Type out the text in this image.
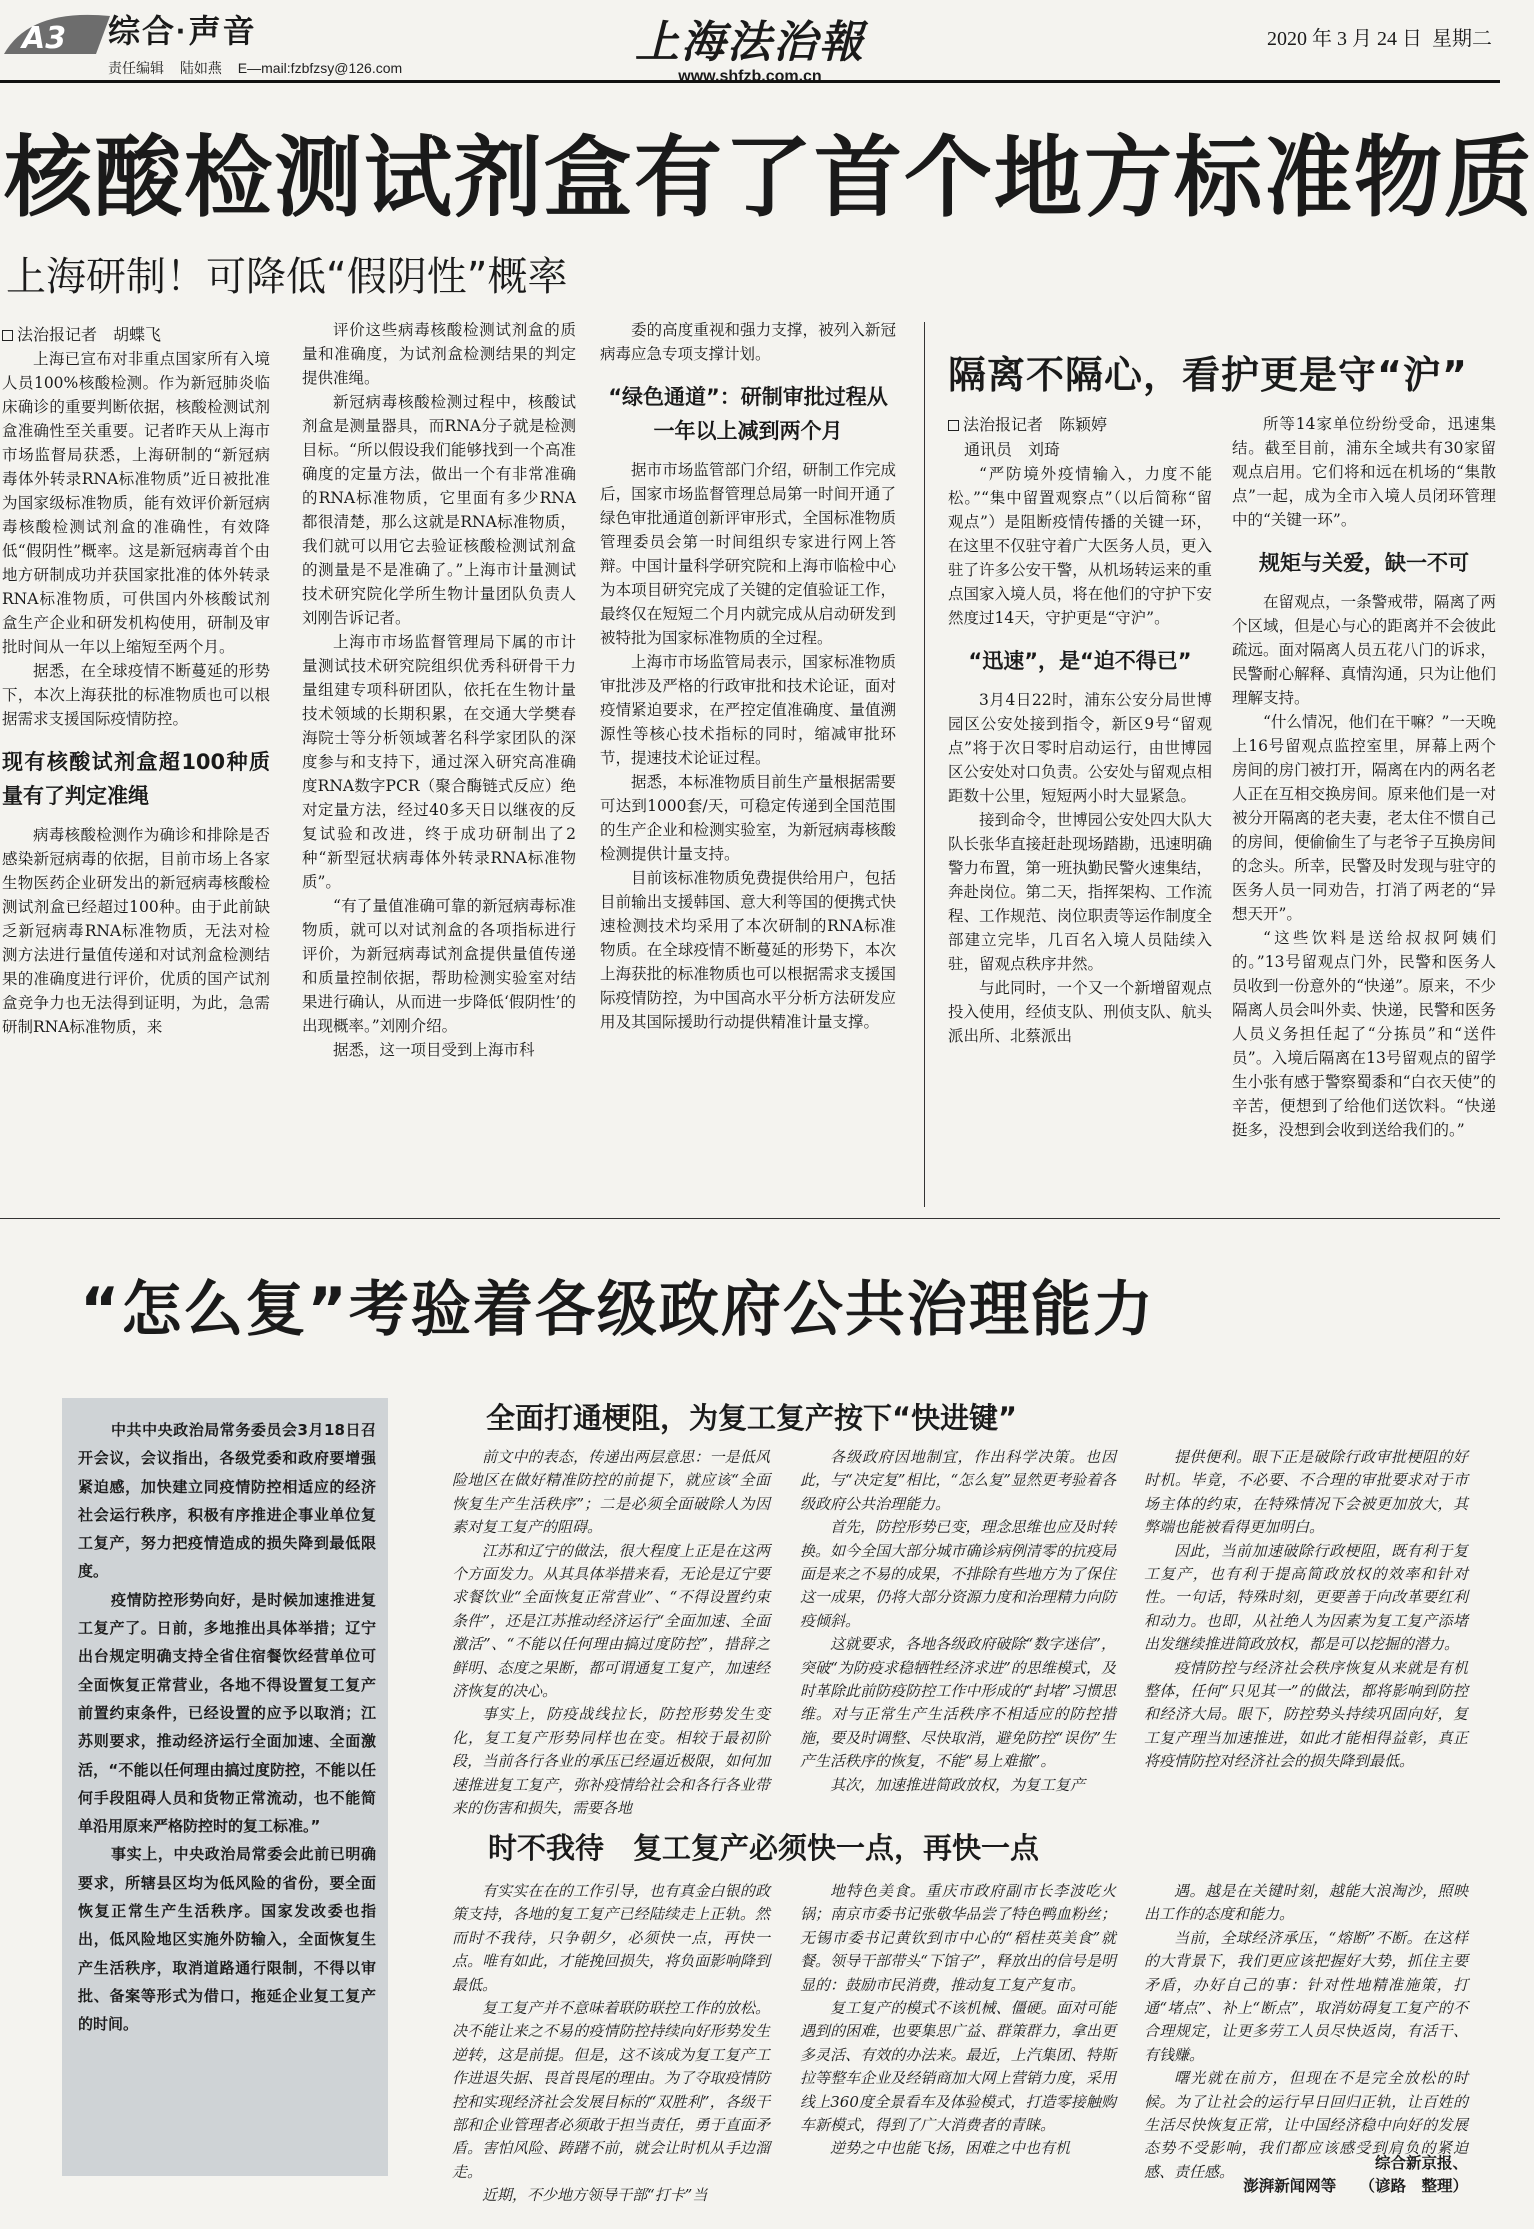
A3 综合·声音
责任编辑 陆如燕 E—mail:fzbfzsy@126.com	上海法治報
www.shfzb.com.cn
2020 年 3 月 24 日 星期二
核酸检测试剂盒有了首个地方标准物质
上海研制！可降低“假阴性”概率
法治报记者　胡蝶飞

上海已宣布对非重点国家所有入境人员100%核酸检测。作为新冠肺炎临床确诊的重要判断依据，核酸检测试剂盒准确性至关重要。记者昨天从上海市市场监督局获悉，上海研制的“新冠病毒体外转录RNA标准物质”近日被批准为国家级标准物质，能有效评价新冠病毒核酸检测试剂盒的准确性，有效降低“假阴性”概率。这是新冠病毒首个由地方研制成功并获国家批准的体外转录RNA标准物质，可供国内外核酸试剂盒生产企业和研发机构使用，研制及审批时间从一年以上缩短至两个月。

据悉，在全球疫情不断蔓延的形势下，本次上海获批的标准物质也可以根据需求支援国际疫情防控。

现有核酸试剂盒超100种质量有了判定准绳

病毒核酸检测作为确诊和排除是否感染新冠病毒的依据，目前市场上各家生物医药企业研发出的新冠病毒核酸检测试剂盒已经超过100种。由于此前缺乏新冠病毒RNA标准物质，无法对检测方法进行量值传递和对试剂盒检测结果的准确度进行评价，优质的国产试剂盒竞争力也无法得到证明，为此，急需研制RNA标准物质，来

评价这些病毒核酸检测试剂盒的质量和准确度，为试剂盒检测结果的判定提供准绳。

新冠病毒核酸检测过程中，核酸试剂盒是测量器具，而RNA分子就是检测目标。“所以假设我们能够找到一个高准确度的定量方法，做出一个有非常准确的RNA标准物质，它里面有多少RNA都很清楚，那么这就是RNA标准物质，我们就可以用它去验证核酸检测试剂盒的测量是不是准确了。”上海市计量测试技术研究院化学所生物计量团队负责人刘刚告诉记者。

上海市市场监督管理局下属的市计量测试技术研究院组织优秀科研骨干力量组建专项科研团队，依托在生物计量技术领域的长期积累，在交通大学樊春海院士等分析领域著名科学家团队的深度参与和支持下，通过深入研究高准确度RNA数字PCR（聚合酶链式反应）绝对定量方法，经过40多天日以继夜的反复试验和改进，终于成功研制出了2种“新型冠状病毒体外转录RNA标准物质”。

“有了量值准确可靠的新冠病毒标准物质，就可以对试剂盒的各项指标进行评价，为新冠病毒试剂盒提供量值传递和质量控制依据，帮助检测实验室对结果进行确认，从而进一步降低‘假阴性’的出现概率。”刘刚介绍。

据悉，这一项目受到上海市科

委的高度重视和强力支撑，被列入新冠病毒应急专项支撑计划。

“绿色通道”：研制审批过程从一年以上减到两个月

据市市场监管部门介绍，研制工作完成后，国家市场监督管理总局第一时间开通了绿色审批通道创新评审形式，全国标准物质管理委员会第一时间组织专家进行网上答辩。中国计量科学研究院和上海市临检中心为本项目研究完成了关键的定值验证工作，最终仅在短短二个月内就完成从启动研发到被特批为国家标准物质的全过程。

上海市市场监管局表示，国家标准物质审批涉及严格的行政审批和技术论证，面对疫情紧迫要求，在严控定值准确度、量值溯源性等核心技术指标的同时，缩减审批环节，提速技术论证过程。

据悉，本标准物质目前生产量根据需要可达到1000套/天，可稳定传递到全国范围的生产企业和检测实验室，为新冠病毒核酸检测提供计量支持。

目前该标准物质免费提供给用户，包括目前输出支援韩国、意大利等国的便携式快速检测技术均采用了本次研制的RNA标准物质。在全球疫情不断蔓延的形势下，本次上海获批的标准物质也可以根据需求支援国际疫情防控，为中国高水平分析方法研发应用及其国际援助行动提供精准计量支撑。

隔离不隔心，看护更是守“沪”
法治报记者　陈颖婷
通讯员　刘琦

“严防境外疫情输入，力度不能松。”“集中留置观察点”（以后简称“留观点”）是阻断疫情传播的关键一环，在这里不仅驻守着广大医务人员，更入驻了许多公安干警，从机场转运来的重点国家入境人员，将在他们的守护下安然度过14天，守护更是“守沪”。

“迅速”，是“迫不得已”

3月4日22时，浦东公安分局世博园区公安处接到指令，新区9号“留观点”将于次日零时启动运行，由世博园区公安处对口负责。公安处与留观点相距数十公里，短短两小时大显紧急。

接到命令，世博园公安处四大队大队长张华直接赶赴现场踏勘，迅速明确警力布置，第一班执勤民警火速集结，奔赴岗位。第二天，指挥架构、工作流程、工作规范、岗位职责等运作制度全部建立完毕，几百名入境人员陆续入驻，留观点秩序井然。

与此同时，一个又一个新增留观点投入使用，经侦支队、刑侦支队、航头派出所、北蔡派出

所等14家单位纷纷受命，迅速集结。截至目前，浦东全域共有30家留观点启用。它们将和远在机场的“集散点”一起，成为全市入境人员闭环管理中的“关键一环”。

规矩与关爱，缺一不可

在留观点，一条警戒带，隔离了两个区域，但是心与心的距离并不会彼此疏远。面对隔离人员五花八门的诉求，民警耐心解释、真情沟通，只为让他们理解支持。

“什么情况，他们在干嘛？”一天晚上16号留观点监控室里，屏幕上两个房间的房门被打开，隔离在内的两名老人正在互相交换房间。原来他们是一对被分开隔离的老夫妻，老太住不惯自己的房间，便偷偷生了与老爷子互换房间的念头。所幸，民警及时发现与驻守的医务人员一同劝告，打消了两老的“异想天开”。

“这些饮料是送给叔叔阿姨们的。”13号留观点门外，民警和医务人员收到一份意外的“快递”。原来，不少隔离人员会叫外卖、快递，民警和医务人员义务担任起了“分拣员”和“送件员”。入境后隔离在13号留观点的留学生小张有感于警察蜀黍和“白衣天使”的辛苦，便想到了给他们送饮料。“快递挺多，没想到会收到送给我们的。”

“怎么复”考验着各级政府公共治理能力

中共中央政治局常务委员会3月18日召开会议，会议指出，各级党委和政府要增强紧迫感，加快建立同疫情防控相适应的经济社会运行秩序，积极有序推进企事业单位复工复产，努力把疫情造成的损失降到最低限度。

疫情防控形势向好，是时候加速推进复工复产了。日前，多地推出具体举措；辽宁出台规定明确支持全省住宿餐饮经营单位可全面恢复正常营业，各地不得设置复工复产前置约束条件，已经设置的应予以取消；江苏则要求，推动经济运行全面加速、全面激活，“不能以任何理由搞过度防控，不能以任何手段阻碍人员和货物正常流动，也不能简单沿用原来严格防控时的复工标准。”

事实上，中央政治局常委会此前已明确要求，所辖县区均为低风险的省份，要全面恢复正常生产生活秩序。国家发改委也指出，低风险地区实施外防输入，全面恢复生产生活秩序，取消道路通行限制，不得以审批、备案等形式为借口，拖延企业复工复产的时间。

全面打通梗阻，为复工复产按下“快进键”

前文中的表态，传递出两层意思：一是低风险地区在做好精准防控的前提下，就应该“全面恢复生产生活秩序”；二是必须全面破除人为因素对复工复产的阻碍。

江苏和辽宁的做法，很大程度上正是在这两个方面发力。从其具体举措来看，无论是辽宁要求餐饮业“全面恢复正常营业”、“不得设置约束条件”，还是江苏推动经济运行“全面加速、全面激活”、“不能以任何理由搞过度防控”，措辞之鲜明、态度之果断，都可谓通复工复产，加速经济恢复的决心。

事实上，防疫战线拉长，防控形势发生变化，复工复产形势同样也在变。相较于最初阶段，当前各行各业的承压已经逼近极限，如何加速推进复工复产，弥补疫情给社会和各行各业带来的伤害和损失，需要各地

各级政府因地制宜，作出科学决策。也因此，与“决定复”相比，“怎么复”显然更考验着各级政府公共治理能力。

首先，防控形势已变，理念思维也应及时转换。如今全国大部分城市确诊病例清零的抗疫局面是来之不易的成果，不排除有些地方为了保住这一成果，仍将大部分资源力度和治理精力向防疫倾斜。

这就要求，各地各级政府破除“数字迷信”，突破“为防疫求稳牺牲经济求进”的思维模式，及时革除此前防疫防控工作中形成的“封堵”习惯思维。对与正常生产生活秩序不相适应的防控措施，要及时调整、尽快取消，避免防控“误伤”生产生活秩序的恢复，不能“易上难撤”。

其次，加速推进简政放权，为复工复产

提供便利。眼下正是破除行政审批梗阻的好时机。毕竟，不必要、不合理的审批要求对于市场主体的约束，在特殊情况下会被更加放大，其弊端也能被看得更加明白。

因此，当前加速破除行政梗阻，既有利于复工复产，也有利于提高简政放权的效率和针对性。一句话，特殊时刻，更要善于向改革要红利和动力。也即，从社绝人为因素为复工复产添堵出发继续推进简政放权，都是可以挖掘的潜力。

疫情防控与经济社会秩序恢复从来就是有机整体，任何“只见其一”的做法，都将影响到防控和经济大局。眼下，防控势头持续巩固向好，复工复产理当加速推进，如此才能相得益彰，真正将疫情防控对经济社会的损失降到最低。

时不我待　复工复产必须快一点，再快一点

有实实在在的工作引导，也有真金白银的政策支持，各地的复工复产已经陆续走上正轨。然而时不我待，只争朝夕，必须快一点，再快一点。唯有如此，才能挽回损失，将负面影响降到最低。

复工复产并不意味着联防联控工作的放松。决不能让来之不易的疫情防控持续向好形势发生逆转，这是前提。但是，这不该成为复工复产工作进退失据、畏首畏尾的理由。为了夺取疫情防控和实现经济社会发展目标的“双胜利”，各级干部和企业管理者必须敢于担当责任，勇于直面矛盾。害怕风险、踌躇不前，就会让时机从手边溜走。

近期，不少地方领导干部“打卡”当

地特色美食。重庆市政府副市长李波吃火锅；南京市委书记张敬华品尝了特色鸭血粉丝；无锡市委书记黄钦到市中心的“稻桂英美食”就餐。领导干部带头“下馆子”，释放出的信号是明显的：鼓励市民消费，推动复工复产复市。

复工复产的模式不该机械、僵硬。面对可能遇到的困难，也要集思广益、群策群力，拿出更多灵活、有效的办法来。最近，上汽集团、特斯拉等整车企业及经销商加大网上营销力度，采用线上360度全景看车及体验模式，打造零接触购车新模式，得到了广大消费者的青睐。

逆势之中也能飞扬，困难之中也有机

遇。越是在关键时刻，越能大浪淘沙，照映出工作的态度和能力。

当前，全球经济承压，“熔断”不断。在这样的大背景下，我们更应该把握好大势，抓住主要矛盾，办好自己的事：针对性地精准施策，打通“堵点”、补上“断点”，取消妨碍复工复产的不合理规定，让更多劳工人员尽快返岗，有活干、有钱赚。

曙光就在前方，但现在不是完全放松的时候。为了让社会的运行早日回归正轨，让百姓的生活尽快恢复正常，让中国经济稳中向好的发展态势不受影响，我们都应该感受到肩负的紧迫感、责任感。	综合新京报、
澎湃新闻网等　　（谚路　整理）
